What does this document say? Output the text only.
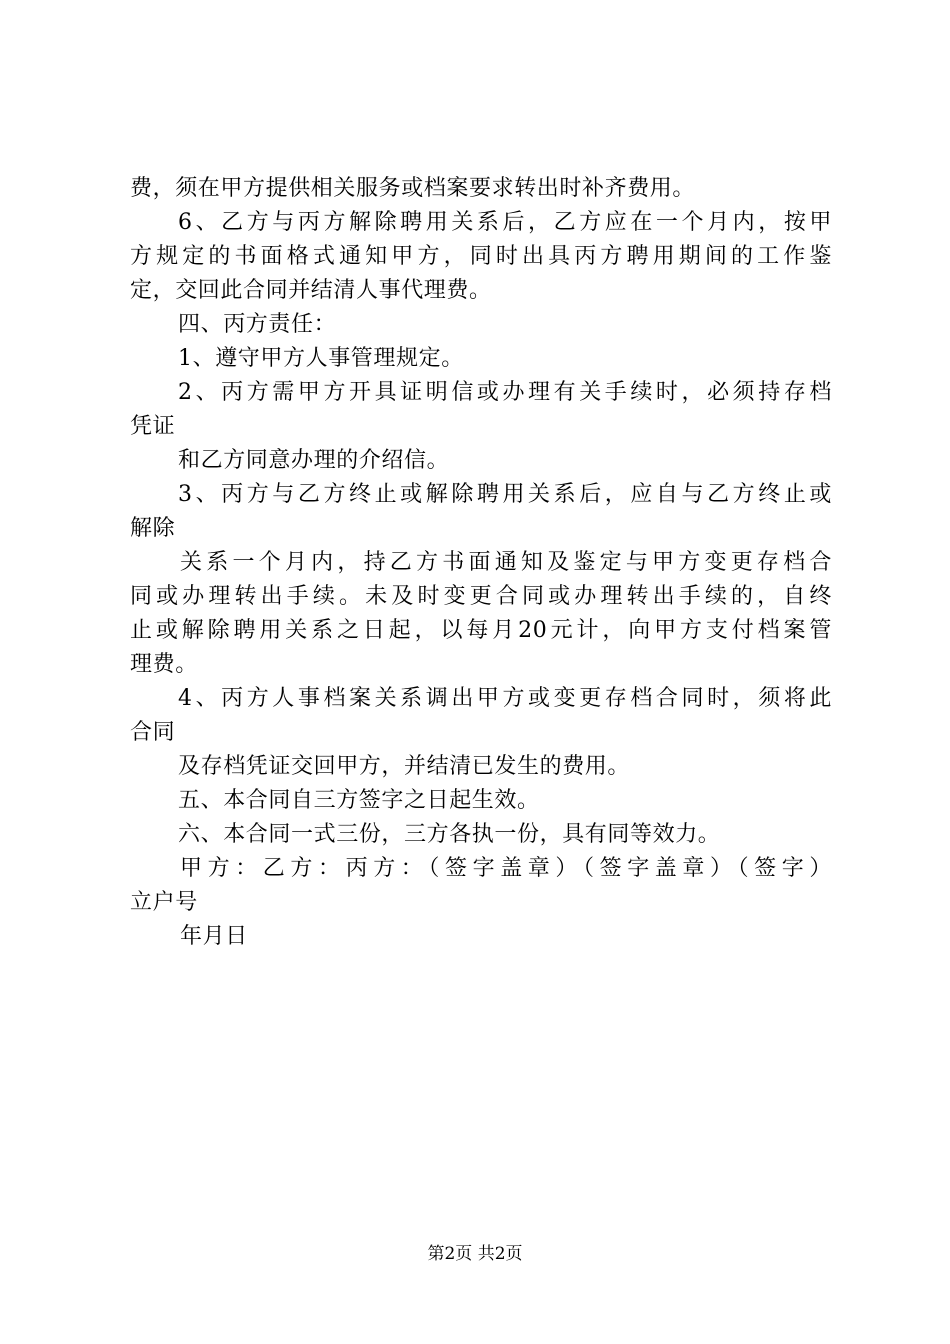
费，须在甲方提供相关服务或档案要求转出时补齐费用。
6、乙方与丙方解除聘用关系后，乙方应在一个月内，按甲
方规定的书面格式通知甲方，同时出具丙方聘用期间的工作鉴
定，交回此合同并结清人事代理费。
四、丙方责任：
1、遵守甲方人事管理规定。
2、丙方需甲方开具证明信或办理有关手续时，必须持存档
凭证
和乙方同意办理的介绍信。
3、丙方与乙方终止或解除聘用关系后，应自与乙方终止或
解除
关系一个月内，持乙方书面通知及鉴定与甲方变更存档合
同或办理转出手续。未及时变更合同或办理转出手续的，自终
止或解除聘用关系之日起，以每月20元计，向甲方支付档案管
理费。
4、丙方人事档案关系调出甲方或变更存档合同时，须将此
合同
及存档凭证交回甲方，并结清已发生的费用。
五、本合同自三方签字之日起生效。
六、本合同一式三份，三方各执一份，具有同等效力。
甲方：乙方：丙方：（签字盖章）（签字盖章）（签字）
立户号
年月日
第2页 共2页
